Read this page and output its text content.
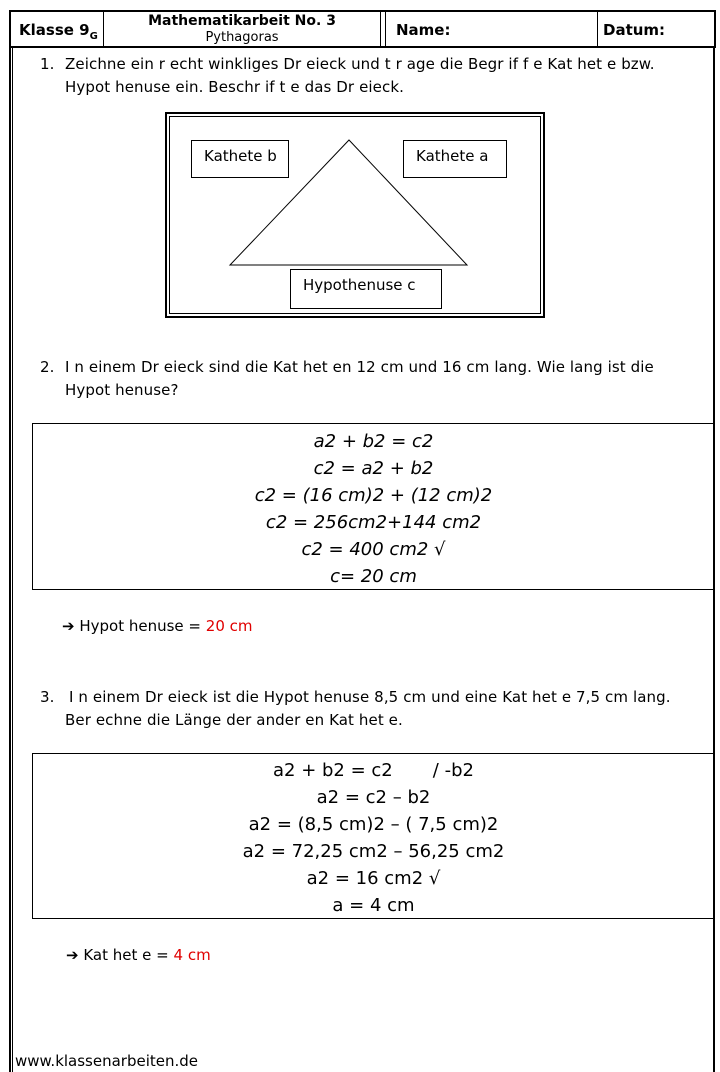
Klasse $9_G$
Mathematikarbeit No. 3
Pythagoras	Name:	Datum:
1. Zeichne ein r echt winkliges Dr eieck und t r age die Begr if f e Kat het e bzw.
Hypot henuse ein. Beschr if t e das Dr eieck.
Kathete b	Kathete a
Hypothenuse c
2. I n einem Dr eieck sind die Kat het en 12 cm und 16 cm lang. Wie lang ist die
Hypot henuse?
a2 + b2 = c2
c2 = a2 + b2
c2 = (16 cm)2 + (12 cm)2
c2 = 256cm2+144 cm2
c2 = 400 cm2 √
c= 20 cm
➔ Hypot henuse = 20 cm
3. I n einem Dr eieck ist die Hypot henuse 8,5 cm und eine Kat het e 7,5 cm lang.
Ber echne die Länge der ander en Kat het e.
a2 + b2 = c2       / -b2
a2 = c2 – b2
a2 = (8,5 cm)2 – ( 7,5 cm)2
a2 = 72,25 cm2 – 56,25 cm2
a2 = 16 cm2 √
a = 4 cm
➔ Kat het e = 4 cm
www.klassenarbeiten.de
